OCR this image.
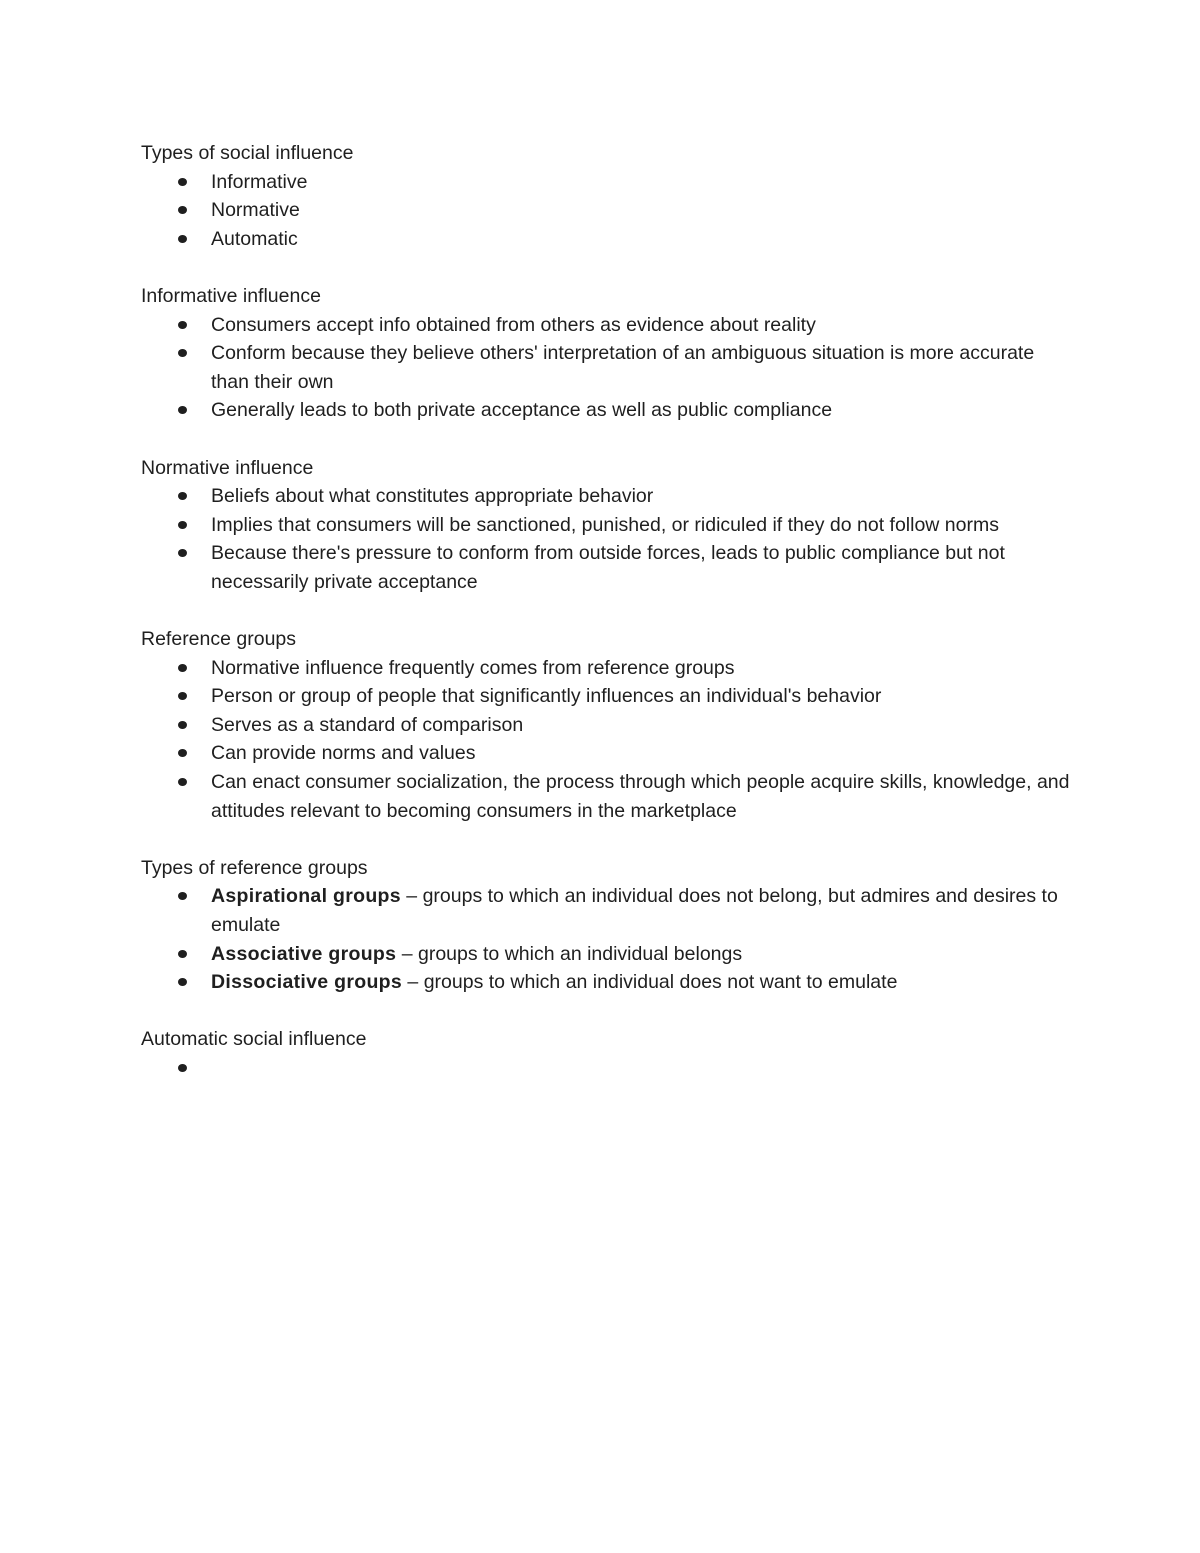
Types of social influence

Informative
Normative
Automatic

Informative influence

Consumers accept info obtained from others as evidence about reality
Conform because they believe others' interpretation of an ambiguous situation is more accurate than their own
Generally leads to both private acceptance as well as public compliance

Normative influence

Beliefs about what constitutes appropriate behavior
Implies that consumers will be sanctioned, punished, or ridiculed if they do not follow norms
Because there's pressure to conform from outside forces, leads to public compliance but not necessarily private acceptance

Reference groups

Normative influence frequently comes from reference groups
Person or group of people that significantly influences an individual's behavior
Serves as a standard of comparison
Can provide norms and values
Can enact consumer socialization, the process through which people acquire skills, knowledge, and attitudes relevant to becoming consumers in the marketplace

Types of reference groups

Aspirational groups – groups to which an individual does not belong, but admires and desires to emulate
Associative groups – groups to which an individual belongs
Dissociative groups – groups to which an individual does not want to emulate

Automatic social influence
